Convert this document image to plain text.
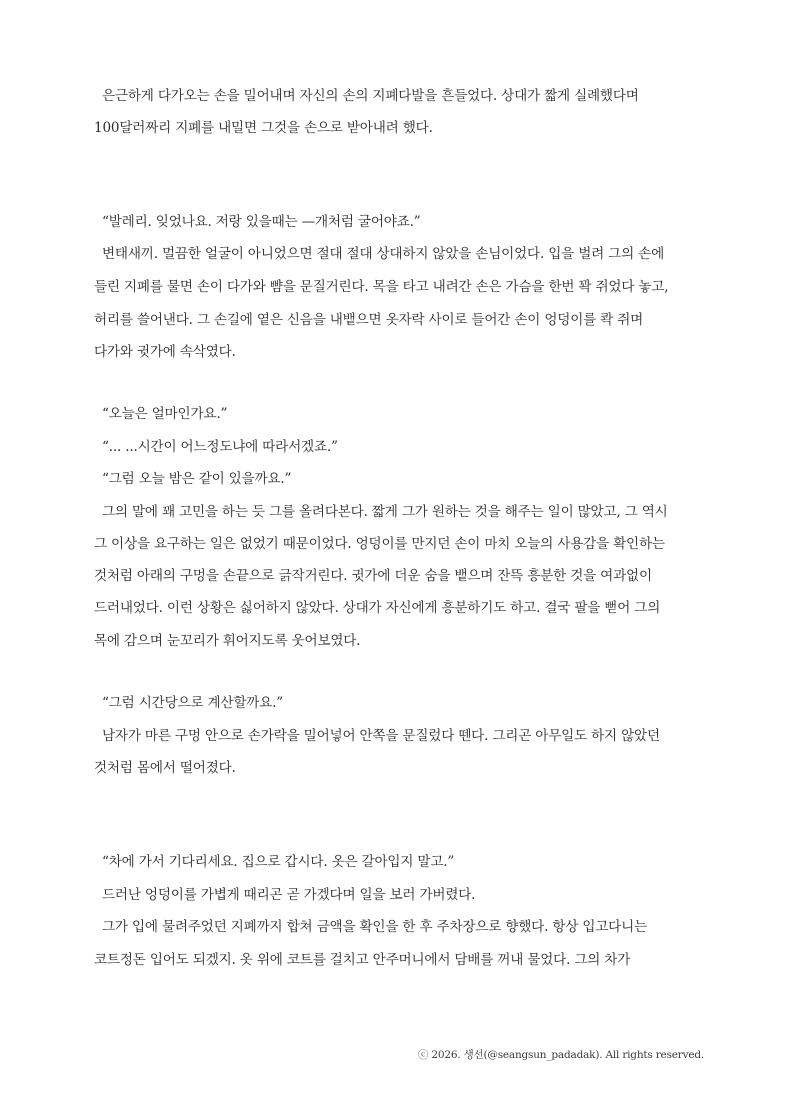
은근하게 다가오는 손을 밀어내며 자신의 손의 지폐다발을 흔들었다. 상대가 짧게 실례했다며
100달러짜리 지폐를 내밀면 그것을 손으로 받아내려 했다.
“발레리. 잊었나요. 저랑 있을때는 —개처럼 굴어야죠.”
변태새끼. 멀끔한 얼굴이 아니었으면 절대 절대 상대하지 않았을 손님이었다. 입을 벌려 그의 손에
들린 지폐를 물면 손이 다가와 뺨을 문질거린다. 목을 타고 내려간 손은 가슴을 한번 꽉 쥐었다 놓고,
허리를 쓸어낸다. 그 손길에 옅은 신음을 내뱉으면 옷자락 사이로 들어간 손이 엉덩이를 콱 쥐며
다가와 귓가에 속삭였다.
“오늘은 얼마인가요.”
“... ...시간이 어느정도냐에 따라서겠죠.”
“그럼 오늘 밤은 같이 있을까요.”
그의 말에 꽤 고민을 하는 듯 그를 올려다본다. 짧게 그가 원하는 것을 해주는 일이 많았고, 그 역시
그 이상을 요구하는 일은 없었기 때문이었다. 엉덩이를 만지던 손이 마치 오늘의 사용감을 확인하는
것처럼 아래의 구멍을 손끝으로 긁작거린다. 귓가에 더운 숨을 뱉으며 잔뜩 흥분한 것을 여과없이
드러내었다. 이런 상황은 싫어하지 않았다. 상대가 자신에게 흥분하기도 하고. 결국 팔을 뻗어 그의
목에 감으며 눈꼬리가 휘어지도록 웃어보였다.
“그럼 시간당으로 계산할까요.”
남자가 마른 구멍 안으로 손가락을 밀어넣어 안쪽을 문질렀다 뗀다. 그리곤 아무일도 하지 않았던
것처럼 몸에서 떨어졌다.
“차에 가서 기다리세요. 집으로 갑시다. 옷은 갈아입지 말고.”
드러난 엉덩이를 가볍게 때리곤 곧 가겠다며 일을 보러 가버렸다.
그가 입에 물려주었던 지폐까지 합쳐 금액을 확인을 한 후 주차장으로 향했다. 항상 입고다니는
코트정돈 입어도 되겠지. 옷 위에 코트를 걸치고 안주머니에서 담배를 꺼내 물었다. 그의 차가
ⓒ 2026. 생선(@seangsun_padadak). All rights reserved.
